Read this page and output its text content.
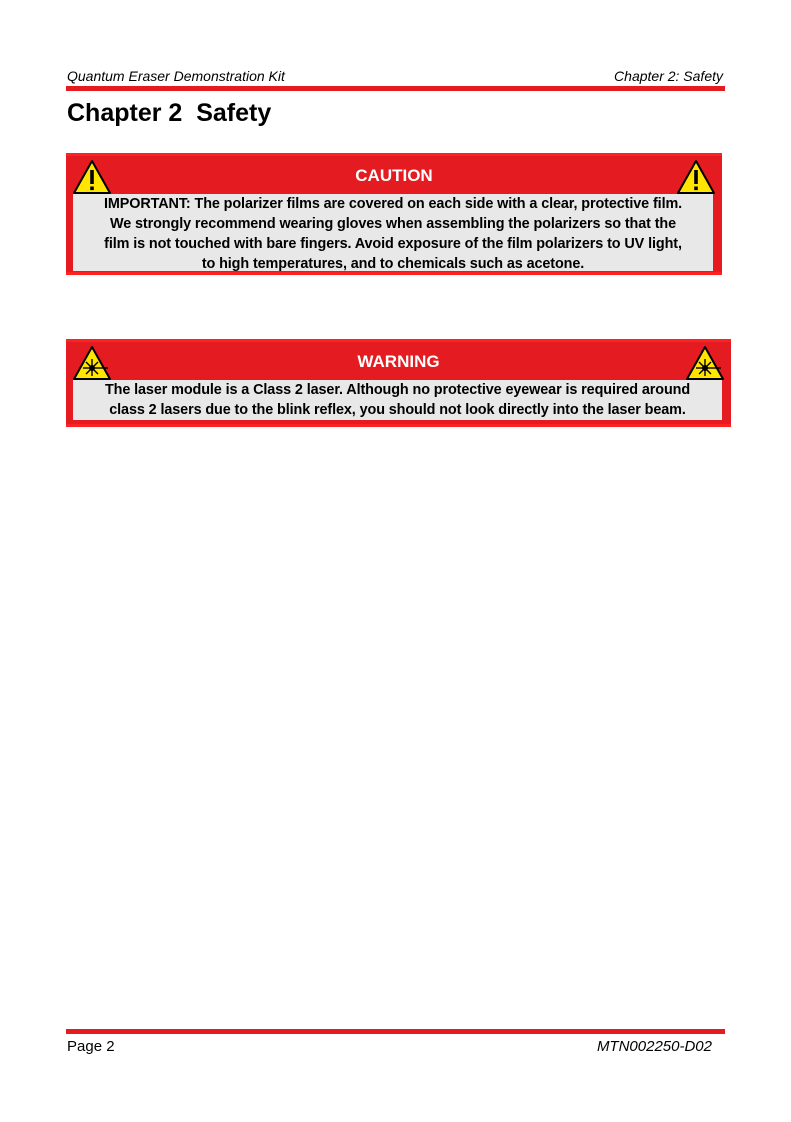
Quantum Eraser Demonstration Kit	Chapter 2: Safety
Chapter 2  Safety
CAUTION
IMPORTANT: The polarizer films are covered on each side with a clear, protective film.
We strongly recommend wearing gloves when assembling the polarizers so that the
film is not touched with bare fingers. Avoid exposure of the film polarizers to UV light,
to high temperatures, and to chemicals such as acetone.
WARNING
The laser module is a Class 2 laser. Although no protective eyewear is required around
class 2 lasers due to the blink reflex, you should not look directly into the laser beam.
Page 2	MTN002250-D02
